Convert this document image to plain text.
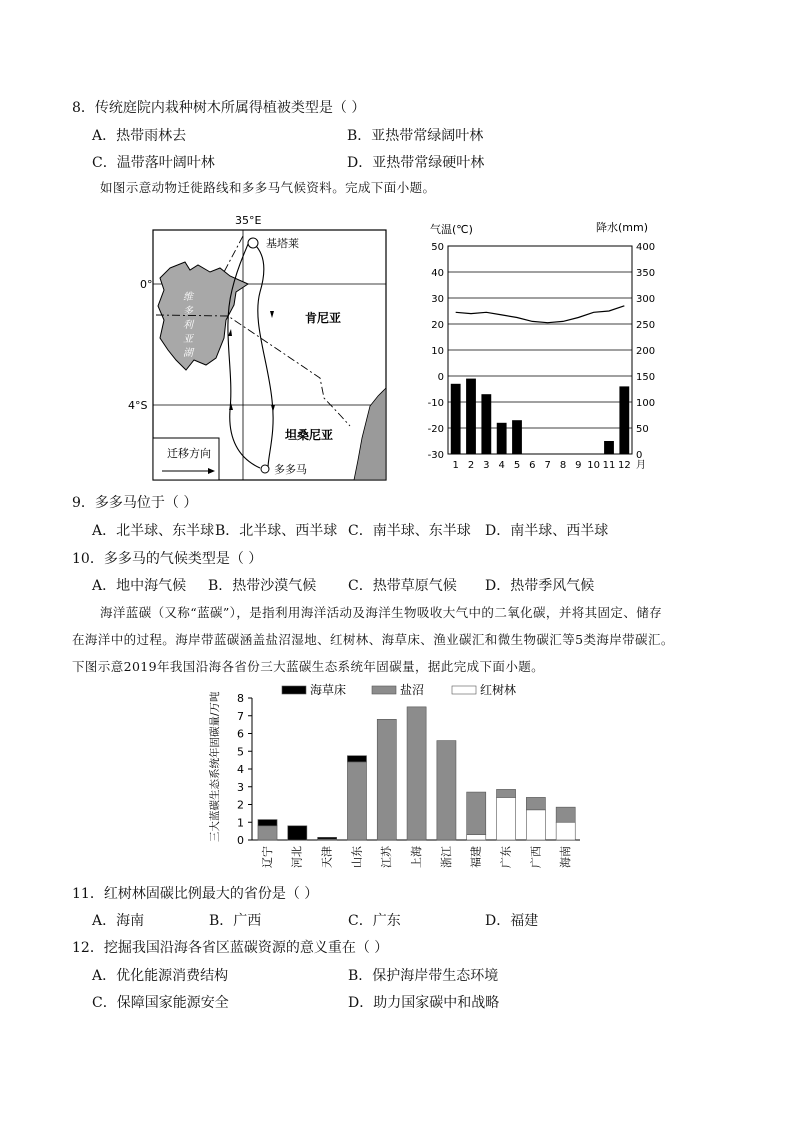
8．传统庭院内栽种树木所属得植被类型是（ ）
A．热带雨林去	B．亚热带常绿阔叶林
C．温带落叶阔叶林	D．亚热带常绿硬叶林
如图示意动物迁徙路线和多多马气候资料。完成下面小题。
35°E
0°
4°S
维
多
利
亚
湖
基塔莱
多多马
肯尼亚
坦桑尼亚
迁移方向
气温(℃)	降水(mm)
50	400
40	350
30	300
20	250
10	200
0	150
-10	100
-20	50
-30	0
1 2 3 4 5 6 7 8 9 10 11 12 月
9．多多马位于（ ）
A．北半球、东半球 B．北半球、西半球 C．南半球、东半球 D．南半球、西半球
10．多多马的气候类型是（ ）
A．地中海气候 B．热带沙漠气候 C．热带草原气候 D．热带季风气候
海洋蓝碳（又称“蓝碳”），是指利用海洋活动及海洋生物吸收大气中的二氧化碳，并将其固定、储存
在海洋中的过程。海岸带蓝碳涵盖盐沼湿地、红树林、海草床、渔业碳汇和微生物碳汇等5类海岸带碳汇。
下图示意2019年我国沿海各省份三大蓝碳生态系统年固碳量，据此完成下面小题。
三大蓝碳生态系统年固碳量/万吨
海草床	盐沼	红树林
0
1
2
3
4
5
6
7
8
辽宁 河北 天津 山东 江苏 上海 浙江 福建 广东 广西 海南
11．红树林固碳比例最大的省份是（ ）
A．海南	B．广西	C．广东	D．福建
12．挖掘我国沿海各省区蓝碳资源的意义重在（ ）
A．优化能源消费结构	B．保护海岸带生态环境
C．保障国家能源安全	D．助力国家碳中和战略
